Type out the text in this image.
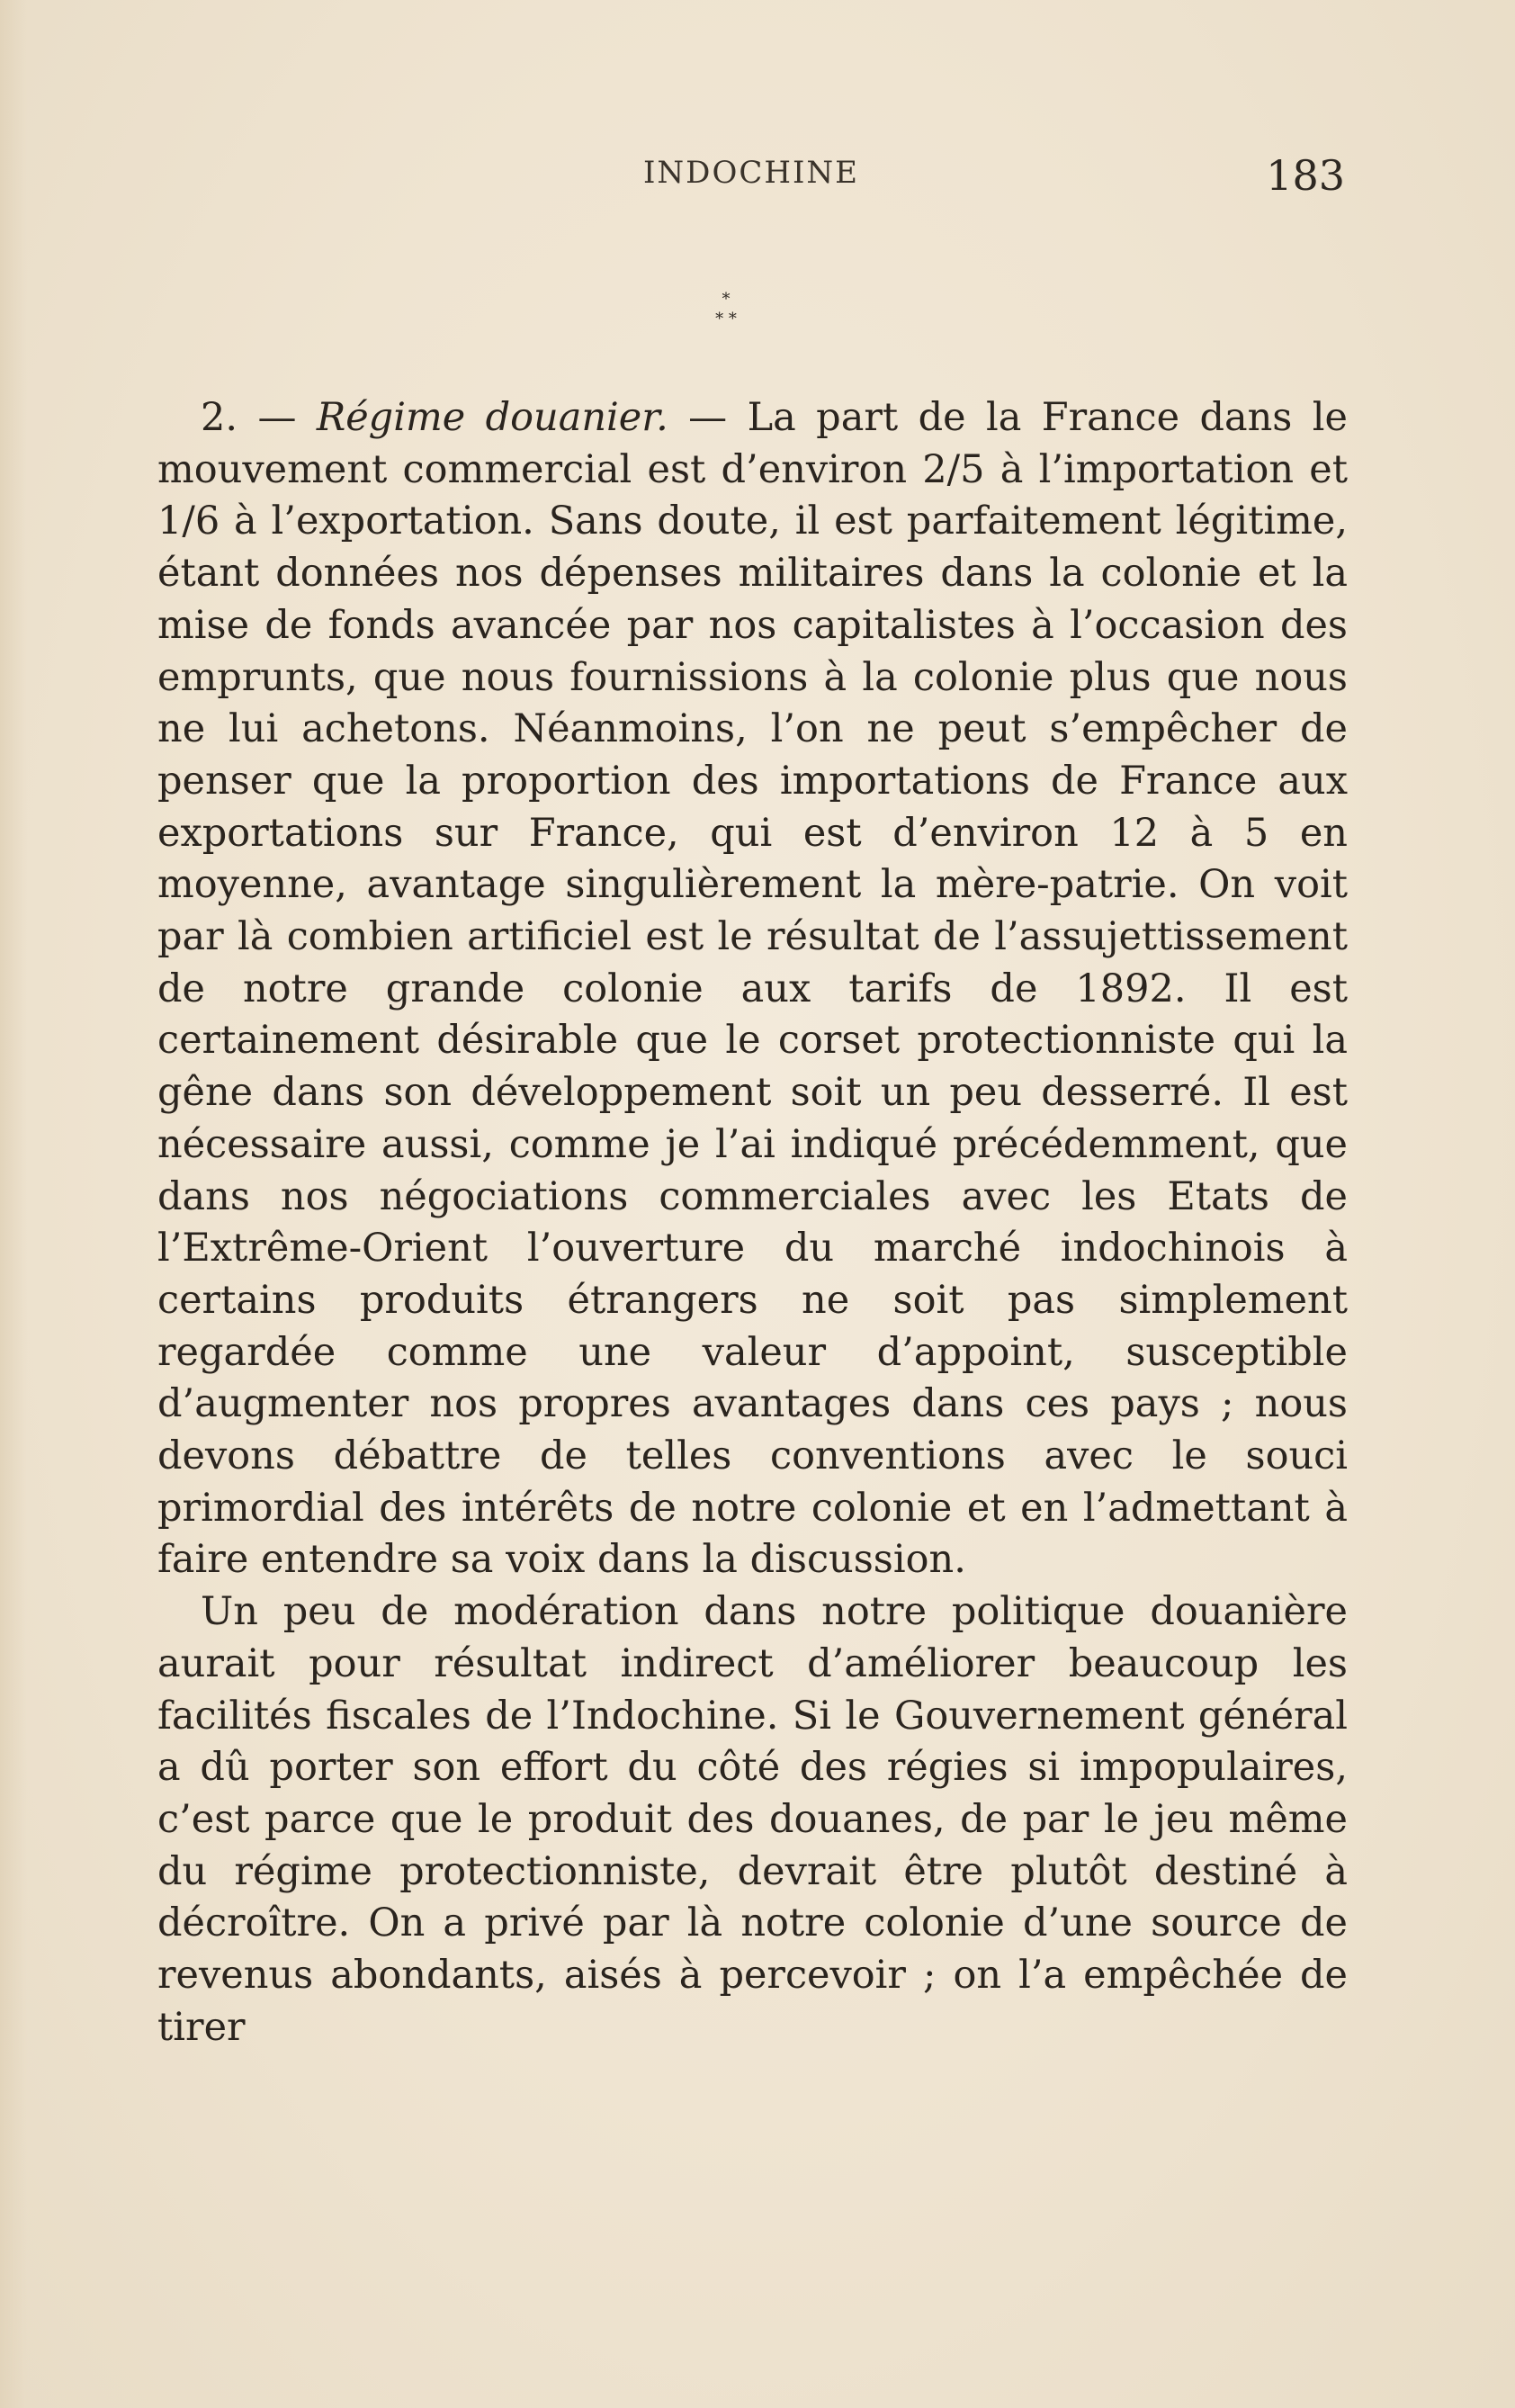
INDOCHINE	183
*
* *

2. — Régime douanier. — La part de la France dans le mouvement commercial est d’environ 2/5 à l’importation et 1/6 à l’exportation. Sans doute, il est parfaitement légitime, étant données nos dépenses militaires dans la colonie et la mise de fonds avancée par nos capitalistes à l’occasion des emprunts, que nous fournissions à la colonie plus que nous ne lui achetons. Néanmoins, l’on ne peut s’empêcher de penser que la proportion des importations de France aux exportations sur France, qui est d’environ 12 à 5 en moyenne, avantage singulièrement la mère-patrie. On voit par là combien artificiel est le résultat de l’assujettissement de notre grande colonie aux tarifs de 1892. Il est certainement désirable que le corset protectionniste qui la gêne dans son développement soit un peu desserré. Il est nécessaire aussi, comme je l’ai indiqué précédemment, que dans nos négociations commerciales avec les Etats de l’Extrême-Orient l’ouverture du marché indochinois à certains produits étrangers ne soit pas simplement regardée comme une valeur d’appoint, susceptible d’augmenter nos propres avantages dans ces pays ; nous devons débattre de telles conventions avec le souci primordial des intérêts de notre colonie et en l’admettant à faire entendre sa voix dans la discussion.

Un peu de modération dans notre politique douanière aurait pour résultat indirect d’améliorer beaucoup les facilités fiscales de l’Indochine. Si le Gouvernement général a dû porter son effort du côté des régies si impopulaires, c’est parce que le produit des douanes, de par le jeu même du régime protectionniste, devrait être plutôt destiné à décroître. On a privé par là notre colonie d’une source de revenus abondants, aisés à percevoir ; on l’a empêchée de tirer
